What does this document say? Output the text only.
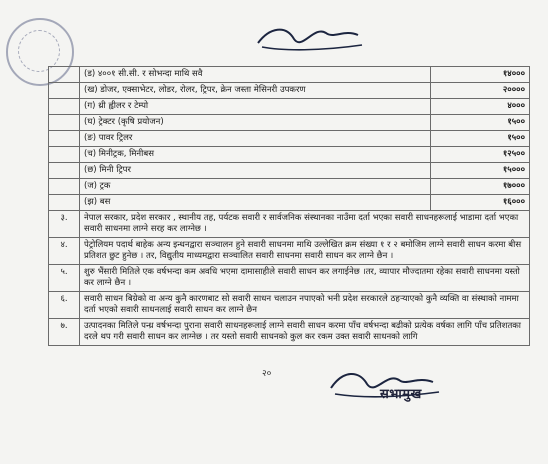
	(ड) ४००१ सी.सी. र सोभन्दा माथि सवै	१४०००
	(ख) डोजर, एक्साभेटर, लोडर, रोलर, ट्रिपर, क्रेन जस्ता मेसिनरी उपकरण	२००००
	(ग) थ्री ह्वीलर र टेम्पो	४०००
	(घ) ट्रेक्टर (कृषि प्रयोजन)	१५००
	(ङ) पावर ट्रिलर	१५००
	(च) मिनीट्रक, मिनीबस	१२५००
	(छ) मिनी ट्रिपर	१५०००
	(ज) ट्रक	१७०००
	(झ) बस	१६०००
३.	नेपाल सरकार, प्रदेश सरकार , स्थानीय तह, पर्यटक सवारी र सार्वजनिक संस्थानका नाउँमा दर्ता भएका सवारी साधनहरूलाई भाडामा दर्ता भएका सवारी साधनमा लाग्ने सरह कर लाग्नेछ ।	
४.	पेट्रोलियम पदार्थ बाहेक अन्य इन्धनद्वारा सञ्चालन हुने सवारी साधनमा माथि उल्लेखित क्रम संख्या १ र २ बमोजिम लाग्ने सवारी साधन करमा बीस प्रतिशत छुट हुनेछ । तर, विद्युतीय माध्यमद्वारा सञ्चालित सवारी साधनमा सवारी साधन कर लाग्ने छैन ।	
५.	शुरु भैंसारी मितिले एक वर्षभन्दा कम अवधि भएमा दामासाहीले सवारी साधन कर लगाईनेछ ।तर, व्यापार मौज्दातमा रहेका सवारी साधनमा यस्तो कर लाग्ने छैन ।	
६.	सवारी साधन बिग्रेको वा अन्य कुनै कारणबाट सो सवारी साधन चलाउन नपाएको भनी प्रदेश सरकारले ठहऱ्याएको कुनै व्यक्ति वा संस्थाको नाममा दर्ता भएको सवारी साधनलाई सवारी साधन कर लाग्ने छैन	
७.	उत्पादनका मितिले पन्ध्र वर्षभन्दा पुराना सवारी साधनहरूलाई लाग्ने सवारी साधन करमा पाँच वर्षभन्दा बढीको प्रत्येक वर्षका लागि पाँच प्रतिशतका दरले थप गरी सवारी साधन कर लाग्नेछ । तर यस्तो सवारी साधनको कुल कर रकम उक्त सवारी साधनको लागि	
२०
सभामुख
